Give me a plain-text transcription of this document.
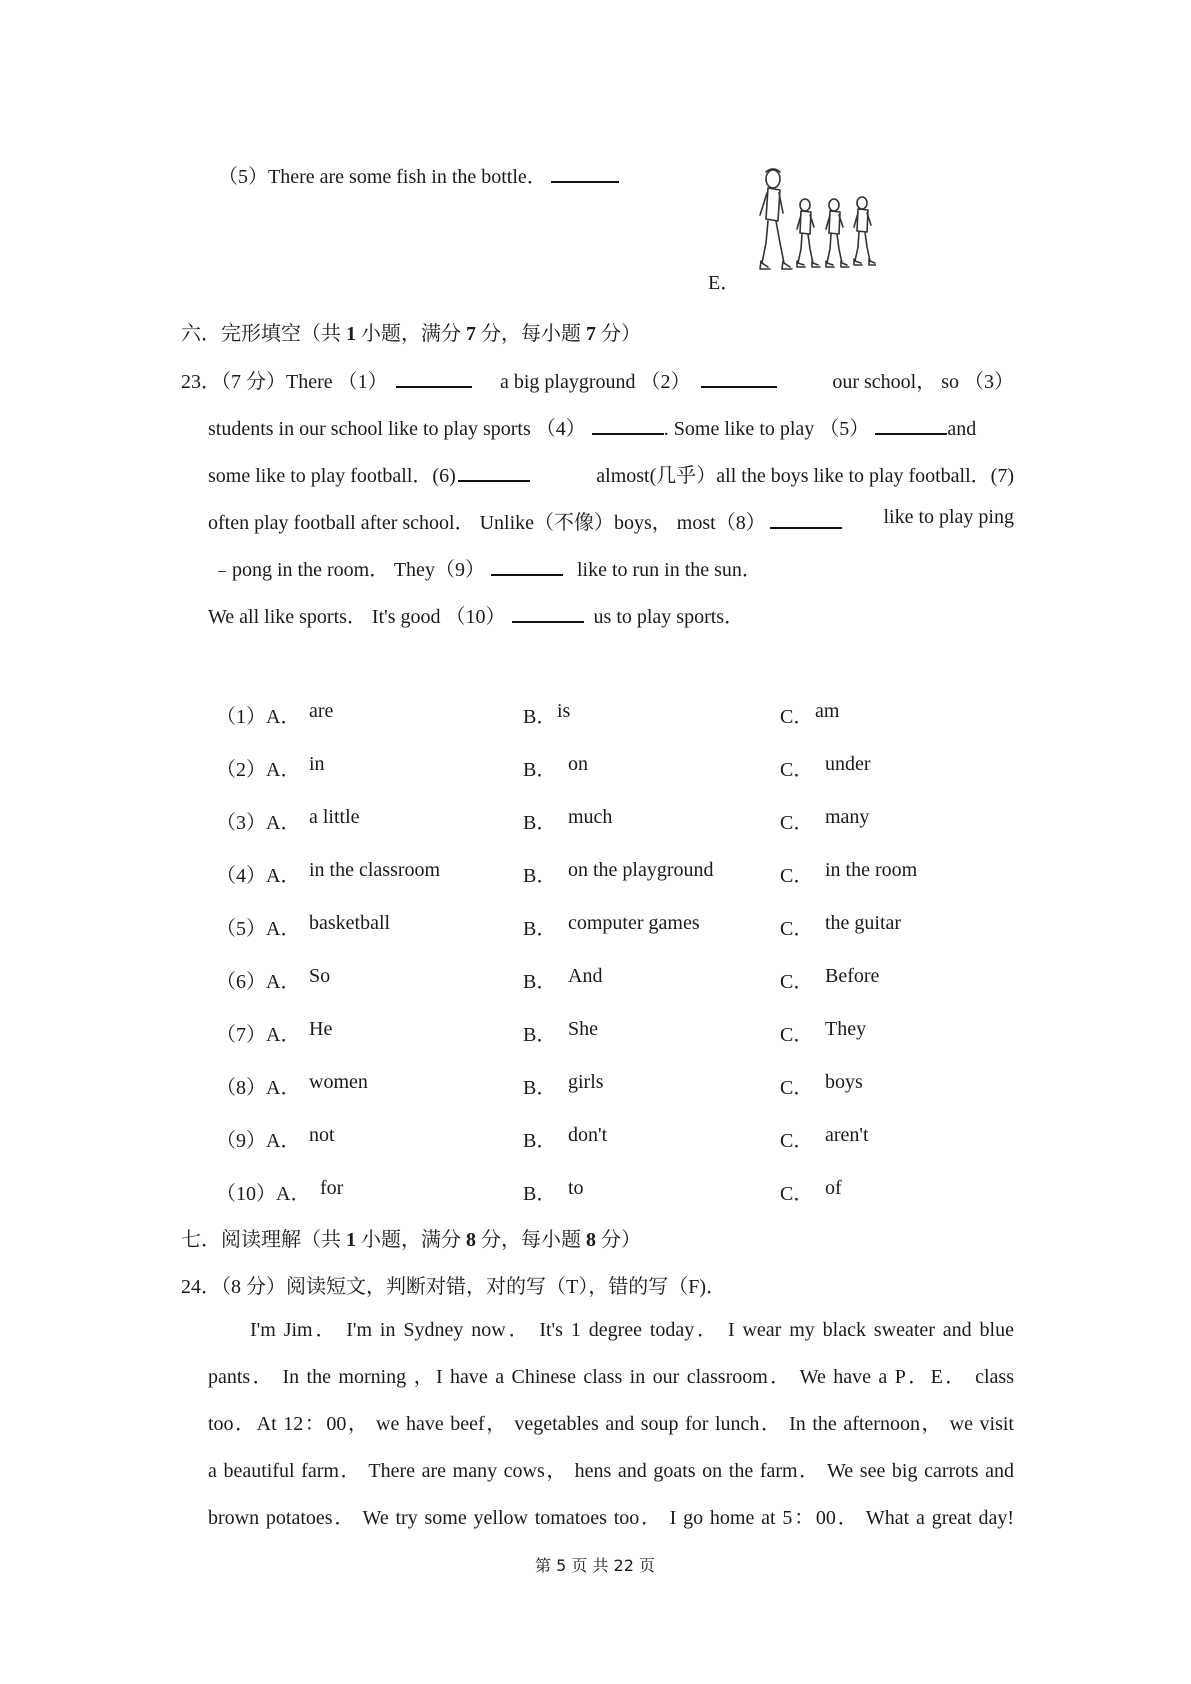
（5）There are some fish in the bottle．
E．
六．完形填空（共 1 小题，满分 7 分，每小题 7 分）
23．（7 分）There （1）	a big playground （2）	our school， so （3）
students in our school like to play sports （4）	. Some like to play （5）	and
some like to play football．(6)	almost(几乎）all the boys like to play football．(7)
often play football after school． Unlike（不像）boys， most（8）	like to play ping
﹣pong in the room． They（9）	like to run in the sun．
We all like sports． It's good （10）	us to play sports．
（1）A． are	B． is	C． am
（2）A． in	B． on	C． under
（3）A． a little	B． much	C． many
（4）A． in the classroom	B． on the playground	C． in the room
（5）A． basketball	B． computer games	C． the guitar
（6）A． So	B． And	C． Before
（7）A． He	B． She	C． They
（8）A． women	B． girls	C． boys
（9）A． not	B． don't	C． aren't
（10）A． for	B． to	C． of
七．阅读理解（共 1 小题，满分 8 分，每小题 8 分）
24．（8 分）阅读短文，判断对错，对的写（T），错的写（F)．
I'm Jim． I'm in Sydney now． It's 1 degree today． I wear my black sweater and blue
pants． In the morning ，I have a Chinese class in our classroom． We have a P．E． class
too．At 12：00， we have beef， vegetables and soup for lunch． In the afternoon， we visit
a beautiful farm． There are many cows， hens and goats on the farm． We see big carrots and
brown potatoes． We try some yellow tomatoes too． I go home at 5：00． What a great day!
第 5 页 共 22 页
